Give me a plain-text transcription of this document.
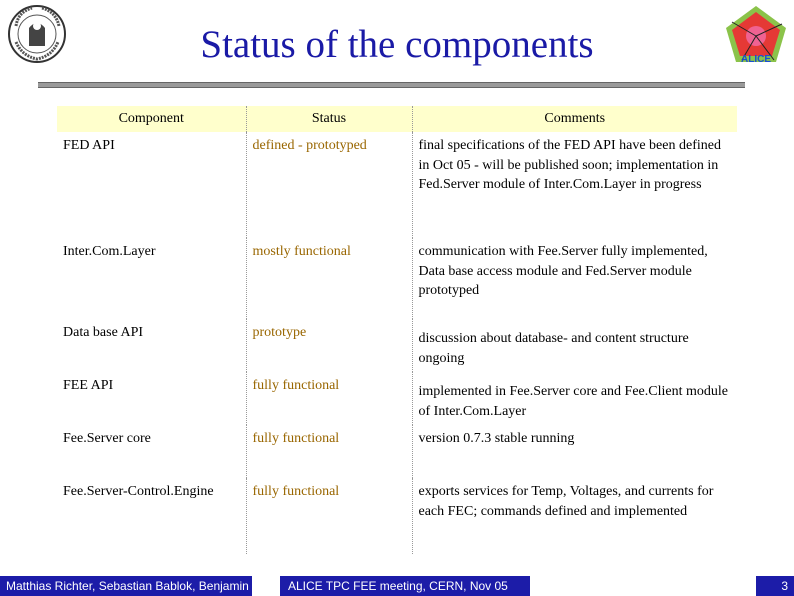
ALICE
Status of the components
Component	Status	Comments
FED API	defined - prototyped	final specifications of the FED API have been defined in Oct 05 - will be published soon; implementation in Fed.Server module of Inter.Com.Layer in progress
Inter.Com.Layer	mostly functional	communication with Fee.Server fully implemented, Data base access module and Fed.Server module prototyped
Data base API	prototype	discussion about database- and content structure ongoing
FEE API	fully functional	implemented in Fee.Server core and Fee.Client module of Inter.Com.Layer
Fee.Server core	fully functional	version 0.7.3 stable running
Fee.Server-Control.Engine	fully functional	exports services for Temp, Voltages, and currents for each FEC; commands defined and implemented
Matthias Richter, Sebastian Bablok, Benjamin	ALICE TPC FEE meeting, CERN, Nov 05	3
